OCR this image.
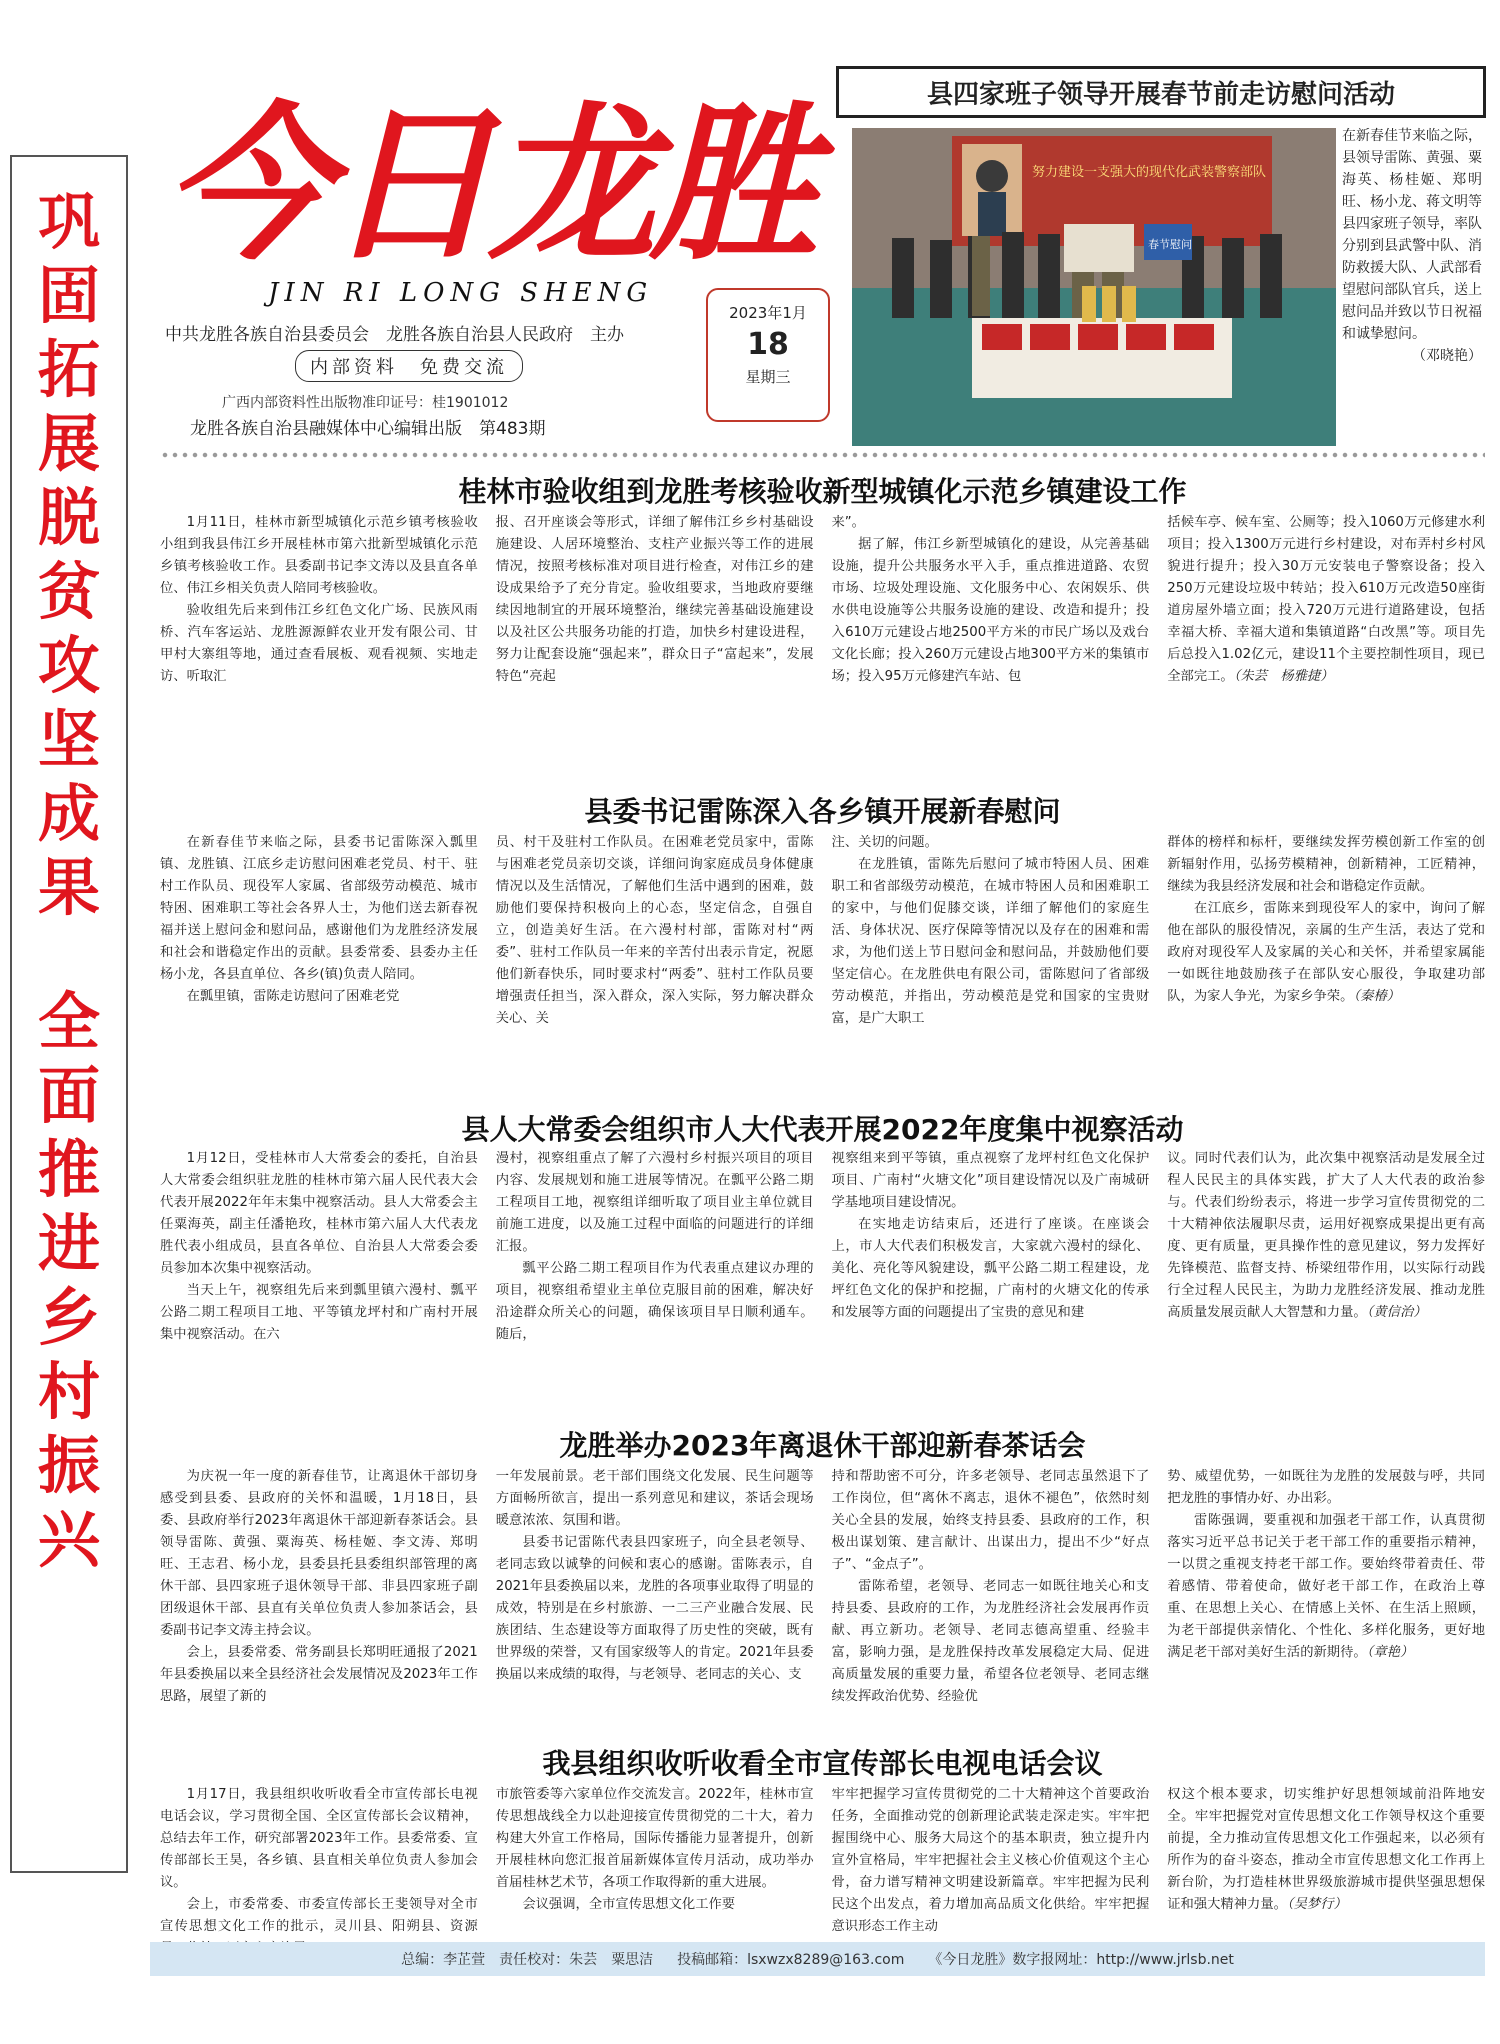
巩
固
拓
展
脱
贫
攻
坚
成
果
全
面
推
进
乡
村
振
兴
今日龙胜
JIN RI LONG SHENG
中共龙胜各族自治县委员会　龙胜各族自治县人民政府　主办
内部资料　免费交流
广西内部资料性出版物准印证号：桂1901012
龙胜各族自治县融媒体中心编辑出版　第483期
2023年1月
18
星期三
县四家班子领导开展春节前走访慰问活动
努力建设一支强大的现代化武装警察部队
春节慰问
在新春佳节来临之际，县领导雷陈、黄强、粟海英、杨桂姬、郑明旺、杨小龙、蒋文明等县四家班子领导，率队分别到县武警中队、消防救援大队、人武部看望慰问部队官兵，送上慰问品并致以节日祝福和诚挚慰问。
（邓晓艳）
桂林市验收组到龙胜考核验收新型城镇化示范乡镇建设工作
1月11日，桂林市新型城镇化示范乡镇考核验收小组到我县伟江乡开展桂林市第六批新型城镇化示范乡镇考核验收工作。县委副书记李文涛以及县直各单位、伟江乡相关负责人陪同考核验收。
验收组先后来到伟江乡红色文化广场、民族风雨桥、汽车客运站、龙胜源源鲜农业开发有限公司、甘甲村大寨组等地，通过查看展板、观看视频、实地走访、听取汇
报、召开座谈会等形式，详细了解伟江乡乡村基础设施建设、人居环境整治、支柱产业振兴等工作的进展情况，按照考核标准对项目进行检查，对伟江乡的建设成果给予了充分肯定。验收组要求，当地政府要继续因地制宜的开展环境整治，继续完善基础设施建设以及社区公共服务功能的打造，加快乡村建设进程，努力让配套设施“强起来”，群众日子“富起来”，发展特色“亮起
来”。
据了解，伟江乡新型城镇化的建设，从完善基础设施，提升公共服务水平入手，重点推进道路、农贸市场、垃圾处理设施、文化服务中心、农闲娱乐、供水供电设施等公共服务设施的建设、改造和提升；投入610万元建设占地2500平方米的市民广场以及戏台文化长廊；投入260万元建设占地300平方米的集镇市场；投入95万元修建汽车站、包
括候车亭、候车室、公厕等；投入1060万元修建水利项目；投入1300万元进行乡村建设，对布弄村乡村风貌进行提升；投入30万元安装电子警察设备；投入250万元建设垃圾中转站；投入610万元改造50座街道房屋外墙立面；投入720万元进行道路建设，包括幸福大桥、幸福大道和集镇道路“白改黑”等。项目先后总投入1.02亿元，建设11个主要控制性项目，现已全部完工。（朱芸　杨雅捷）
县委书记雷陈深入各乡镇开展新春慰问
在新春佳节来临之际，县委书记雷陈深入瓢里镇、龙胜镇、江底乡走访慰问困难老党员、村干、驻村工作队员、现役军人家属、省部级劳动模范、城市特困、困难职工等社会各界人士，为他们送去新春祝福并送上慰问金和慰问品，感谢他们为龙胜经济发展和社会和谐稳定作出的贡献。县委常委、县委办主任杨小龙，各县直单位、各乡(镇)负责人陪同。
在瓢里镇，雷陈走访慰问了困难老党
员、村干及驻村工作队员。在困难老党员家中，雷陈与困难老党员亲切交谈，详细问询家庭成员身体健康情况以及生活情况，了解他们生活中遇到的困难，鼓励他们要保持积极向上的心态，坚定信念，自强自立，创造美好生活。在六漫村村部，雷陈对村“两委”、驻村工作队员一年来的辛苦付出表示肯定，祝愿他们新春快乐，同时要求村“两委”、驻村工作队员要增强责任担当，深入群众，深入实际，努力解决群众关心、关
注、关切的问题。
在龙胜镇，雷陈先后慰问了城市特困人员、困难职工和省部级劳动模范，在城市特困人员和困难职工的家中，与他们促膝交谈，详细了解他们的家庭生活、身体状况、医疗保障等情况以及存在的困难和需求，为他们送上节日慰问金和慰问品，并鼓励他们要坚定信心。在龙胜供电有限公司，雷陈慰问了省部级劳动模范，并指出，劳动模范是党和国家的宝贵财富，是广大职工
群体的榜样和标杆，要继续发挥劳模创新工作室的创新辐射作用，弘扬劳模精神，创新精神，工匠精神，继续为我县经济发展和社会和谐稳定作贡献。
在江底乡，雷陈来到现役军人的家中，询问了解他在部队的服役情况，亲属的生产生活，表达了党和政府对现役军人及家属的关心和关怀，并希望家属能一如既往地鼓励孩子在部队安心服役，争取建功部队，为家人争光，为家乡争荣。（秦椿）
县人大常委会组织市人大代表开展2022年度集中视察活动
1月12日，受桂林市人大常委会的委托，自治县人大常委会组织驻龙胜的桂林市第六届人民代表大会代表开展2022年年末集中视察活动。县人大常委会主任粟海英，副主任潘艳玫，桂林市第六届人大代表龙胜代表小组成员，县直各单位、自治县人大常委会委员参加本次集中视察活动。
当天上午，视察组先后来到瓢里镇六漫村、瓢平公路二期工程项目工地、平等镇龙坪村和广南村开展集中视察活动。在六
漫村，视察组重点了解了六漫村乡村振兴项目的项目内容、发展规划和施工进展等情况。在瓢平公路二期工程项目工地，视察组详细听取了项目业主单位就目前施工进度，以及施工过程中面临的问题进行的详细汇报。
瓢平公路二期工程项目作为代表重点建议办理的项目，视察组希望业主单位克服目前的困难，解决好沿途群众所关心的问题，确保该项目早日顺利通车。随后，
视察组来到平等镇，重点视察了龙坪村红色文化保护项目、广南村“火塘文化”项目建设情况以及广南城研学基地项目建设情况。
在实地走访结束后，还进行了座谈。在座谈会上，市人大代表们积极发言，大家就六漫村的绿化、美化、亮化等风貌建设，瓢平公路二期工程建设，龙坪红色文化的保护和挖掘，广南村的火塘文化的传承和发展等方面的问题提出了宝贵的意见和建
议。同时代表们认为，此次集中视察活动是发展全过程人民民主的具体实践，扩大了人大代表的政治参与。代表们纷纷表示，将进一步学习宣传贯彻党的二十大精神依法履职尽责，运用好视察成果提出更有高度、更有质量，更具操作性的意见建议，努力发挥好先锋模范、监督支持、桥梁纽带作用，以实际行动践行全过程人民民主，为助力龙胜经济发展、推动龙胜高质量发展贡献人大智慧和力量。（黄信治）
龙胜举办2023年离退休干部迎新春茶话会
为庆祝一年一度的新春佳节，让离退休干部切身感受到县委、县政府的关怀和温暖，1月18日，县委、县政府举行2023年离退休干部迎新春茶话会。县领导雷陈、黄强、粟海英、杨桂姬、李文涛、郑明旺、王志君、杨小龙，县委县托县委组织部管理的离休干部、县四家班子退休领导干部、非县四家班子副团级退休干部、县直有关单位负责人参加茶话会，县委副书记李文涛主持会议。
会上，县委常委、常务副县长郑明旺通报了2021年县委换届以来全县经济社会发展情况及2023年工作思路，展望了新的
一年发展前景。老干部们围绕文化发展、民生问题等方面畅所欲言，提出一系列意见和建议，茶话会现场暖意浓浓、氛围和谐。
县委书记雷陈代表县四家班子，向全县老领导、老同志致以诚挚的问候和衷心的感谢。雷陈表示，自2021年县委换届以来，龙胜的各项事业取得了明显的成效，特别是在乡村旅游、一二三产业融合发展、民族团结、生态建设等方面取得了历史性的突破，既有世界级的荣誉，又有国家级等人的肯定。2021年县委换届以来成绩的取得，与老领导、老同志的关心、支
持和帮助密不可分，许多老领导、老同志虽然退下了工作岗位，但“离休不离志，退休不褪色”，依然时刻关心全县的发展，始终支持县委、县政府的工作，积极出谋划策、建言献计、出谋出力，提出不少“好点子”、“金点子”。
雷陈希望，老领导、老同志一如既往地关心和支持县委、县政府的工作，为龙胜经济社会发展再作贡献、再立新功。老领导、老同志德高望重、经验丰富，影响力强，是龙胜保持改革发展稳定大局、促进高质量发展的重要力量，希望各位老领导、老同志继续发挥政治优势、经验优
势、威望优势，一如既往为龙胜的发展鼓与呼，共同把龙胜的事情办好、办出彩。
雷陈强调，要重视和加强老干部工作，认真贯彻落实习近平总书记关于老干部工作的重要指示精神，一以贯之重视支持老干部工作。要始终带着责任、带着感情、带着使命，做好老干部工作，在政治上尊重、在思想上关心、在情感上关怀、在生活上照顾，为老干部提供亲情化、个性化、多样化服务，更好地满足老干部对美好生活的新期待。（章艳）
我县组织收听收看全市宣传部长电视电话会议
1月17日，我县组织收听收看全市宣传部长电视电话会议，学习贯彻全国、全区宣传部长会议精神，总结去年工作，研究部署2023年工作。县委常委、宣传部部长王昊，各乡镇、县直相关单位负责人参加会议。
会上，市委常委、市委宣传部长王斐领导对全市宣传思想文化工作的批示，灵川县、阳朔县、资源
市旅管委等六家单位作交流发言。2022年，桂林市宣传思想战线全力以赴迎接宣传贯彻党的二十大，着力构建大外宣工作格局，国际传播能力显著提升，创新开展桂林向您汇报首届新媒体宣传月活动，成功举办首届桂林艺术节，各项工作取得新的重大进展。
会议强调，全市宣传思想文化工作要
牢牢把握学习宣传贯彻党的二十大精神这个首要政治任务，全面推动党的创新理论武装走深走实。牢牢把握围绕中心、服务大局这个的基本职责，独立提升内宣外宣格局，牢牢把握社会主义核心价值观这个主心骨，奋力谱写精神文明建设新篇章。牢牢把握为民利民这个出发点，着力增加高品质文化供给。牢牢把握意识形态工作主动
权这个根本要求，切实维护好思想领域前沿阵地安全。牢牢把握党对宣传思想文化工作领导权这个重要前提，全力推动宣传思想文化工作强起来，以必须有所作为的奋斗姿态，推动全市宣传思想文化工作再上新台阶，为打造桂林世界级旅游城市提供坚强思想保证和强大精神力量。（吴梦行）
总编：李芷萱　责任校对：朱芸　粟思洁 投稿邮箱：lsxwzx8289@163.com 《今日龙胜》数字报网址：http://www.jrlsb.net
